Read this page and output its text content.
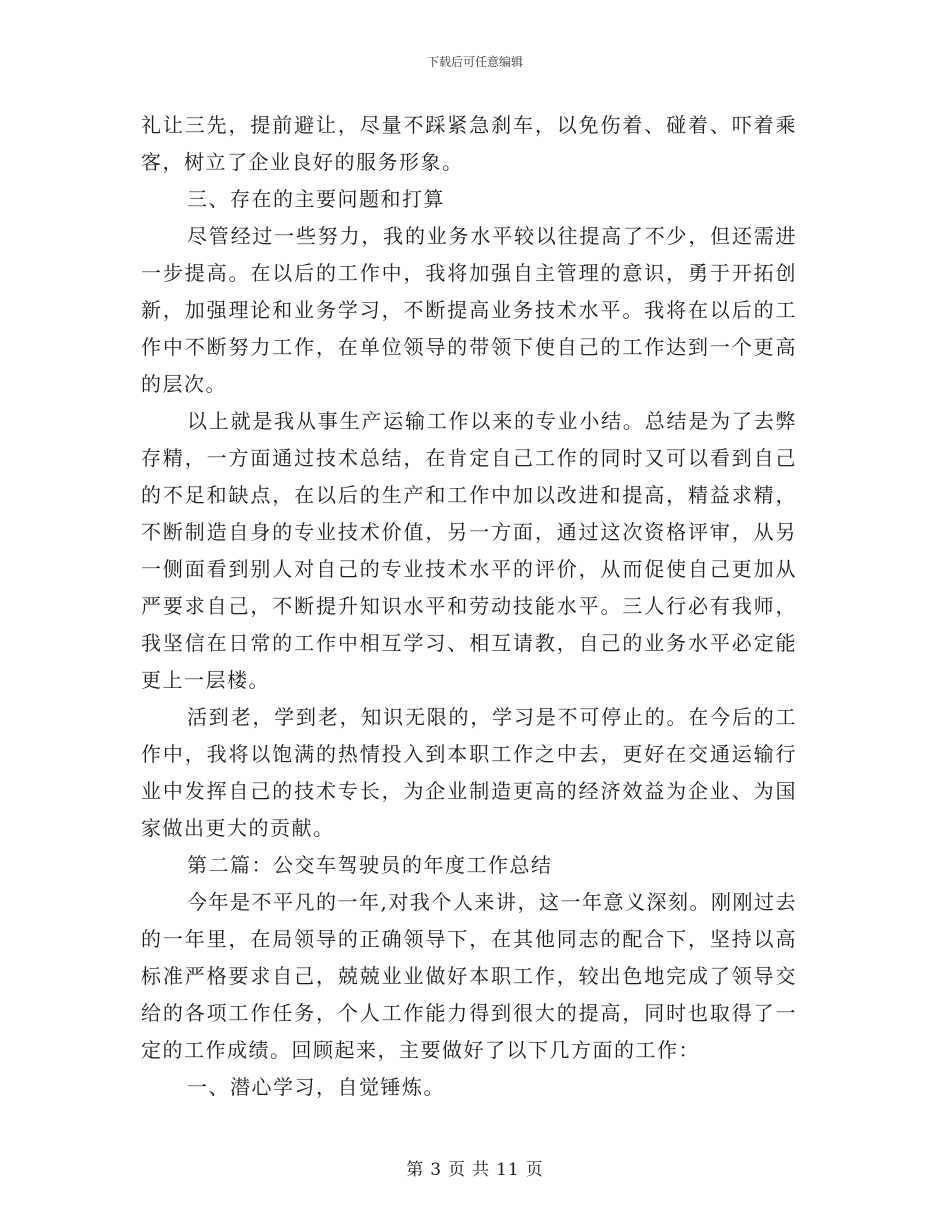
下载后可任意编辑

礼让三先，提前避让，尽量不踩紧急刹车，以免伤着、碰着、吓着乘客，树立了企业良好的服务形象。

三、存在的主要问题和打算

尽管经过一些努力，我的业务水平较以往提高了不少，但还需进一步提高。在以后的工作中，我将加强自主管理的意识，勇于开拓创新，加强理论和业务学习，不断提高业务技术水平。我将在以后的工作中不断努力工作，在单位领导的带领下使自己的工作达到一个更高的层次。

以上就是我从事生产运输工作以来的专业小结。总结是为了去弊存精，一方面通过技术总结，在肯定自己工作的同时又可以看到自己的不足和缺点，在以后的生产和工作中加以改进和提高，精益求精，不断制造自身的专业技术价值，另一方面，通过这次资格评审，从另一侧面看到别人对自己的专业技术水平的评价，从而促使自己更加从严要求自己，不断提升知识水平和劳动技能水平。三人行必有我师，我坚信在日常的工作中相互学习、相互请教，自己的业务水平必定能更上一层楼。

活到老，学到老，知识无限的，学习是不可停止的。在今后的工作中，我将以饱满的热情投入到本职工作之中去，更好在交通运输行业中发挥自己的技术专长，为企业制造更高的经济效益为企业、为国家做出更大的贡献。

第二篇：公交车驾驶员的年度工作总结

今年是不平凡的一年,对我个人来讲，这一年意义深刻。刚刚过去的一年里，在局领导的正确领导下，在其他同志的配合下，坚持以高标准严格要求自己，兢兢业业做好本职工作，较出色地完成了领导交给的各项工作任务，个人工作能力得到很大的提高，同时也取得了一定的工作成绩。回顾起来，主要做好了以下几方面的工作：

一、潜心学习，自觉锤炼。

第 3 页 共 11 页
